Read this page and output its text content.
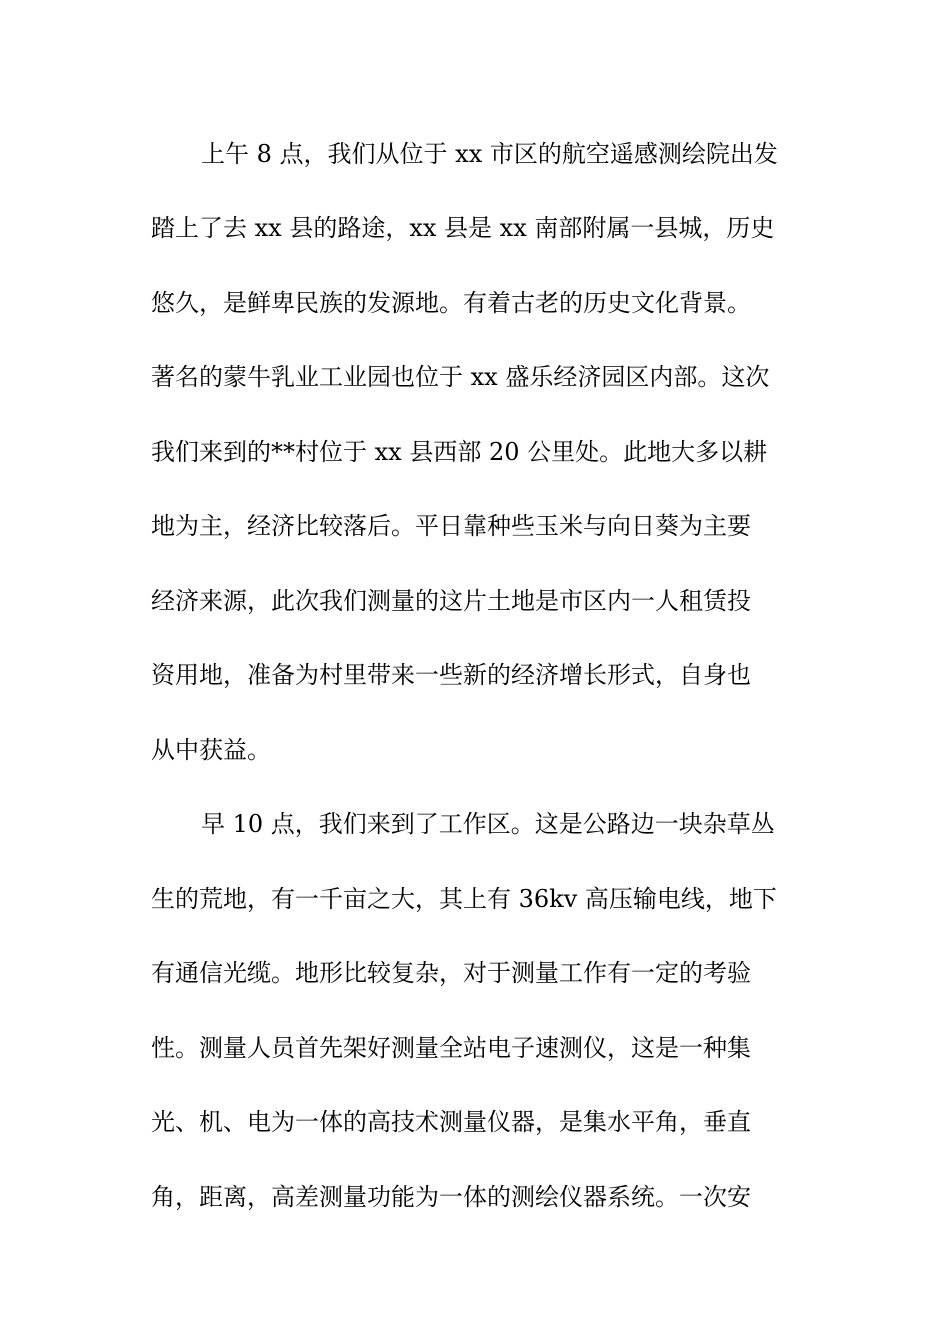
上午 8 点，我们从位于 xx 市区的航空遥感测绘院出发
踏上了去 xx 县的路途，xx 县是 xx 南部附属一县城，历史
悠久，是鲜卑民族的发源地。有着古老的历史文化背景。
著名的蒙牛乳业工业园也位于 xx 盛乐经济园区内部。这次
我们来到的**村位于 xx 县西部 20 公里处。此地大多以耕
地为主，经济比较落后。平日靠种些玉米与向日葵为主要
经济来源，此次我们测量的这片土地是市区内一人租赁投
资用地，准备为村里带来一些新的经济增长形式，自身也
从中获益。
早 10 点，我们来到了工作区。这是公路边一块杂草丛
生的荒地，有一千亩之大，其上有 36kv 高压输电线，地下
有通信光缆。地形比较复杂，对于测量工作有一定的考验
性。测量人员首先架好测量全站电子速测仪，这是一种集
光、机、电为一体的高技术测量仪器，是集水平角，垂直
角，距离，高差测量功能为一体的测绘仪器系统。一次安
